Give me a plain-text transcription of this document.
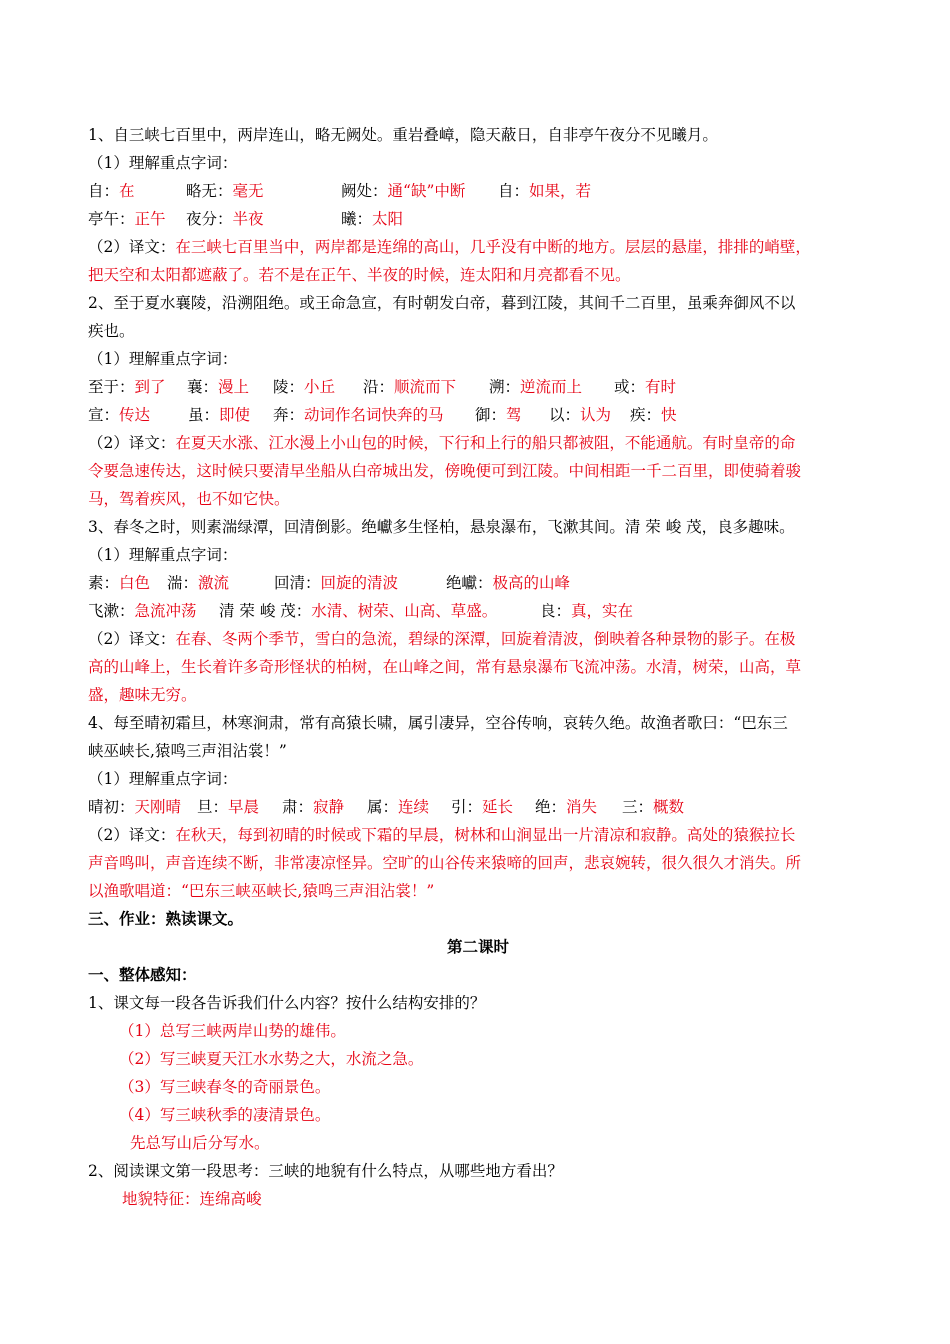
1、自三峡七百里中，两岸连山，略无阙处。重岩叠嶂，隐天蔽日，自非亭午夜分不见曦月。
（1）理解重点字词：
自：在	略无：毫无	阙处：通“缺”中断 自：如果，若
亭午：正午 夜分：半夜	曦：太阳
（2）译文：在三峡七百里当中，两岸都是连绵的高山，几乎没有中断的地方。层层的悬崖，排排的峭壁，
把天空和太阳都遮蔽了。若不是在正午、半夜的时候，连太阳和月亮都看不见。
2、至于夏水襄陵，沿溯阻绝。或王命急宣，有时朝发白帝，暮到江陵，其间千二百里，虽乘奔御风不以
疾也。
（1）理解重点字词：
至于：到了 襄：漫上 陵：小丘 沿：顺流而下 溯：逆流而上 或：有时
宣：传达 虽：即使 奔：动词作名词快奔的马 御：驾 以：认为 疾：快
（2）译文：在夏天水涨、江水漫上小山包的时候，下行和上行的船只都被阻，不能通航。有时皇帝的命
令要急速传达，这时候只要清早坐船从白帝城出发，傍晚便可到江陵。中间相距一千二百里，即使骑着骏
马，驾着疾风，也不如它快。
3、春冬之时，则素湍绿潭，回清倒影。绝巘多生怪柏，悬泉瀑布，飞漱其间。清 荣 峻 茂，良多趣味。
（1）理解重点字词：
素：白色 湍：激流	回清：回旋的清波	绝巘：极高的山峰
飞漱：急流冲荡 清 荣 峻 茂：水清、树荣、山高、草盛。	良：真，实在
（2）译文：在春、冬两个季节，雪白的急流，碧绿的深潭，回旋着清波，倒映着各种景物的影子。在极
高的山峰上，生长着许多奇形怪状的柏树，在山峰之间，常有悬泉瀑布飞流冲荡。水清，树荣，山高，草
盛，趣味无穷。
4、每至晴初霜旦，林寒涧肃，常有高猿长啸，属引凄异，空谷传响，哀转久绝。故渔者歌曰：“巴东三
峡巫峡长,猿鸣三声泪沾裳！”
（1）理解重点字词：
晴初：天刚晴 旦：早晨 肃：寂静 属：连续 引：延长 绝：消失 三：概数
（2）译文：在秋天，每到初晴的时候或下霜的早晨，树林和山涧显出一片清凉和寂静。高处的猿猴拉长
声音鸣叫，声音连续不断，非常凄凉怪异。空旷的山谷传来猿啼的回声，悲哀婉转，很久很久才消失。所
以渔歌唱道：“巴东三峡巫峡长,猿鸣三声泪沾裳！”
三、作业：熟读课文。
第二课时
一、整体感知：
1、课文每一段各告诉我们什么内容？按什么结构安排的？
（1）总写三峡两岸山势的雄伟。
（2）写三峡夏天江水水势之大，水流之急。
（3）写三峡春冬的奇丽景色。
（4）写三峡秋季的凄清景色。
先总写山后分写水。
2、阅读课文第一段思考：三峡的地貌有什么特点，从哪些地方看出？
地貌特征：连绵高峻
